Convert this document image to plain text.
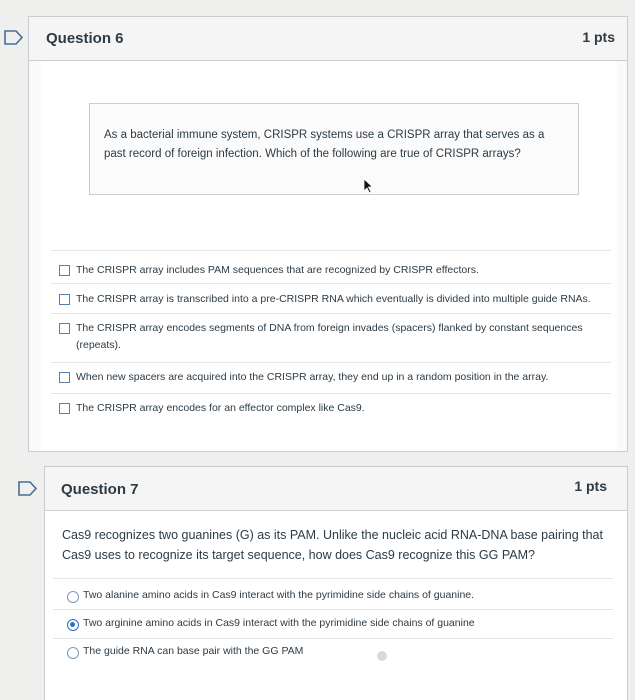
Question 6	1 pts
As a bacterial immune system, CRISPR systems use a CRISPR array that serves as a past record of foreign infection. Which of the following are true of CRISPR arrays?
The CRISPR array includes PAM sequences that are recognized by CRISPR effectors.
The CRISPR array is transcribed into a pre-CRISPR RNA which eventually is divided into multiple guide RNAs.
The CRISPR array encodes segments of DNA from foreign invades (spacers) flanked by constant sequences (repeats).
When new spacers are acquired into the CRISPR array, they end up in a random position in the array.
The CRISPR array encodes for an effector complex like Cas9.
Question 7	1 pts
Cas9 recognizes two guanines (G) as its PAM. Unlike the nucleic acid RNA-DNA base pairing that Cas9 uses to recognize its target sequence, how does Cas9 recognize this GG PAM?
Two alanine amino acids in Cas9 interact with the pyrimidine side chains of guanine.
Two arginine amino acids in Cas9 interact with the pyrimidine side chains of guanine
The guide RNA can base pair with the GG PAM
